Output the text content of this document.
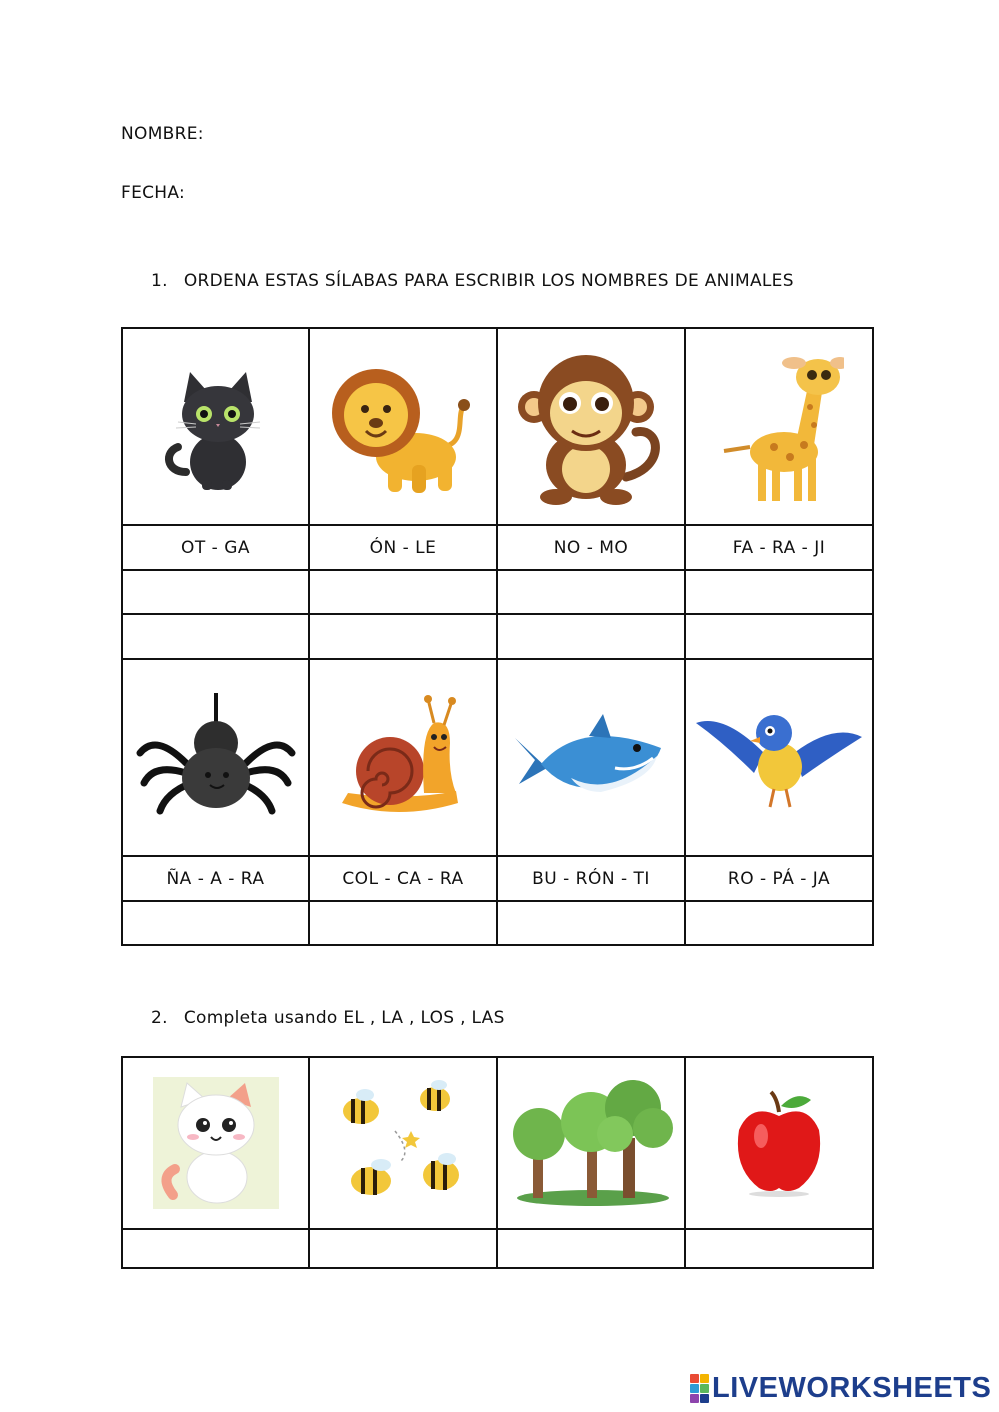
NOMBRE:
FECHA:
1. ORDENA ESTAS SÍLABAS PARA ESCRIBIR LOS NOMBRES DE ANIMALES

OT - GA	ÓN - LE	NO - MO	FA - RA - JI

ÑA - A - RA	COL - CA - RA	BU - RÓN - TI	RO - PÁ - JA

2. Completa usando EL , LA , LOS , LAS

LIVEWORKSHEETS
